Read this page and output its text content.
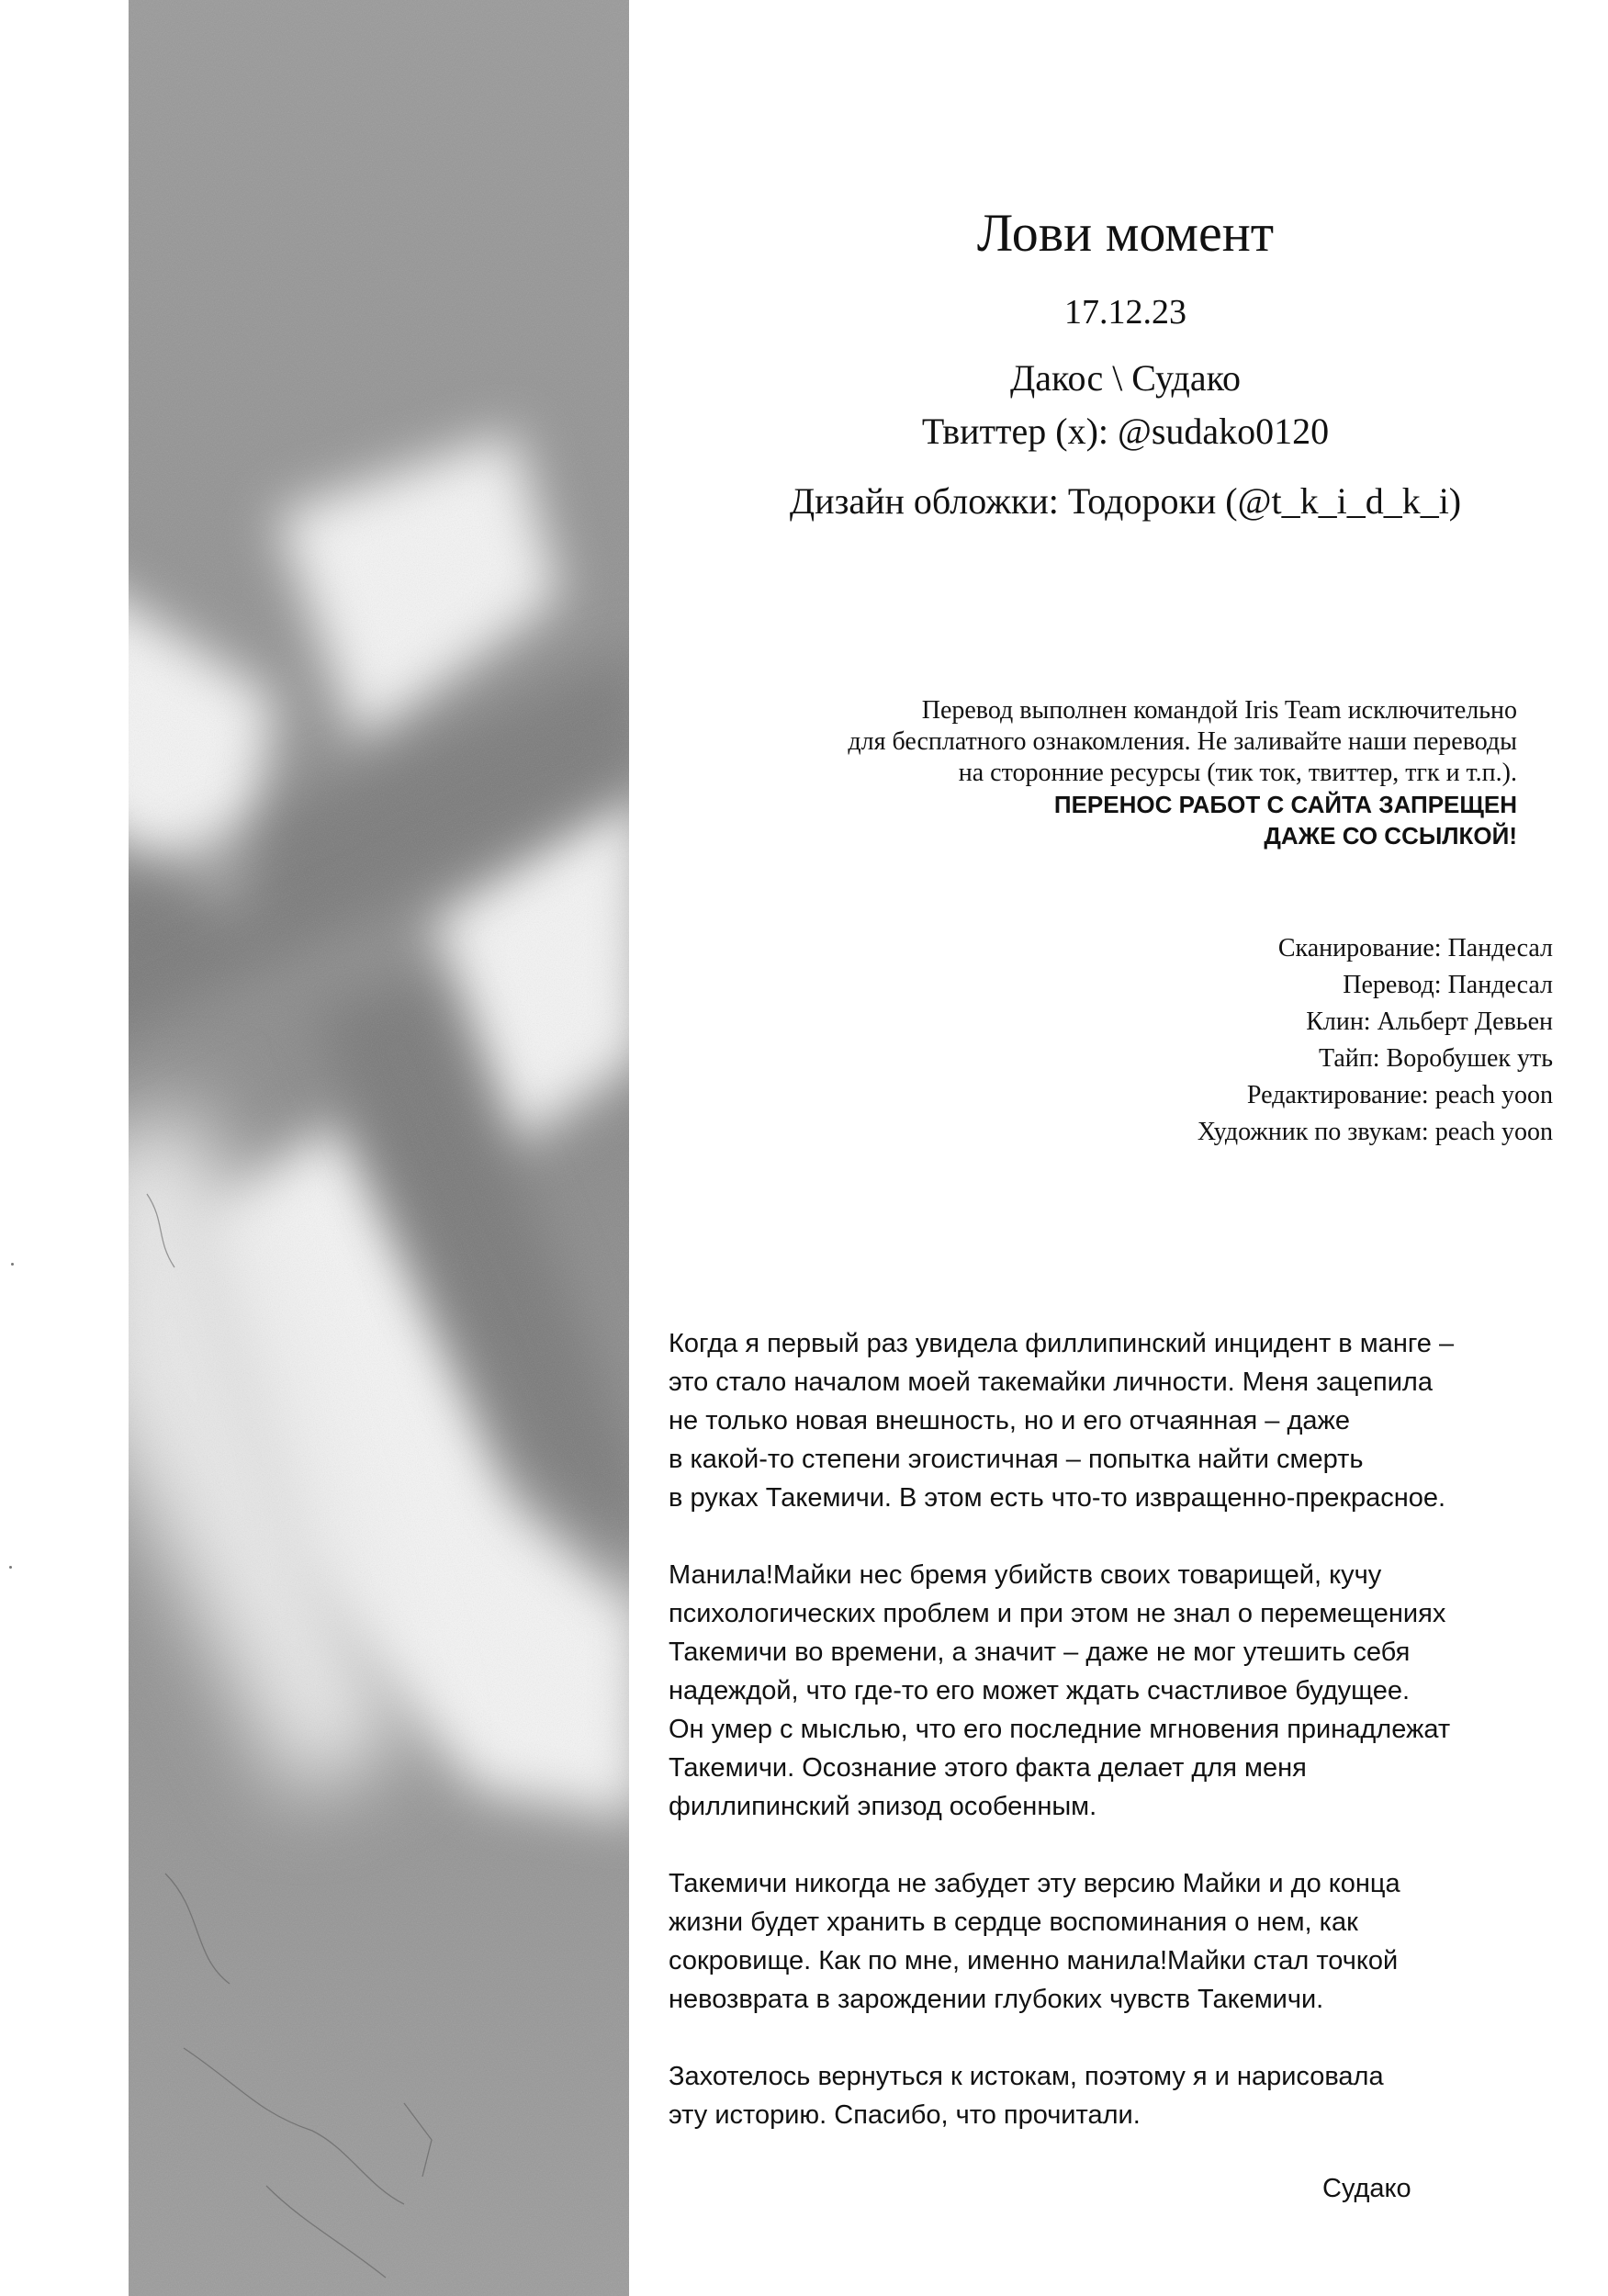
Лови момент
17.12.23
Дакос \ Судако
Твиттер (x): @sudako0120
Дизайн обложки: Тодороки (@t_k_i_d_k_i)
Перевод выполнен командой Iris Team исключительно
для бесплатного ознакомления. Не заливайте наши переводы
на сторонние ресурсы (тик ток, твиттер, тгк и т.п.).
ПЕРЕНОС РАБОТ С САЙТА ЗАПРЕЩЕН
ДАЖЕ СО ССЫЛКОЙ!
Сканирование: Пандесал
Перевод: Пандесал
Клин: Альберт Девьен
Тайп: Воробушек уть
Редактирование: peach yoon
Художник по звукам: peach yoon

Когда я первый раз увидела филлипинский инцидент в манге –
это стало началом моей такемайки личности. Меня зацепила
не только новая внешность, но и его отчаянная – даже
в какой-то степени эгоистичная – попытка найти смерть
в руках Такемичи. В этом есть что-то извращенно-прекрасное.

Манила!Майки нес бремя убийств своих товарищей, кучу
психологических проблем и при этом не знал о перемещениях
Такемичи во времени, а значит – даже не мог утешить себя
надеждой, что где-то его может ждать счастливое будущее.
Он умер с мыслью, что его последние мгновения принадлежат
Такемичи. Осознание этого факта делает для меня
филлипинский эпизод особенным.

Такемичи никогда не забудет эту версию Майки и до конца
жизни будет хранить в сердце воспоминания о нем, как
сокровище. Как по мне, именно манила!Майки стал точкой
невозврата в зарождении глубоких чувств Такемичи.

Захотелось вернуться к истокам, поэтому я и нарисовала
эту историю. Спасибо, что прочитали.

Судако
